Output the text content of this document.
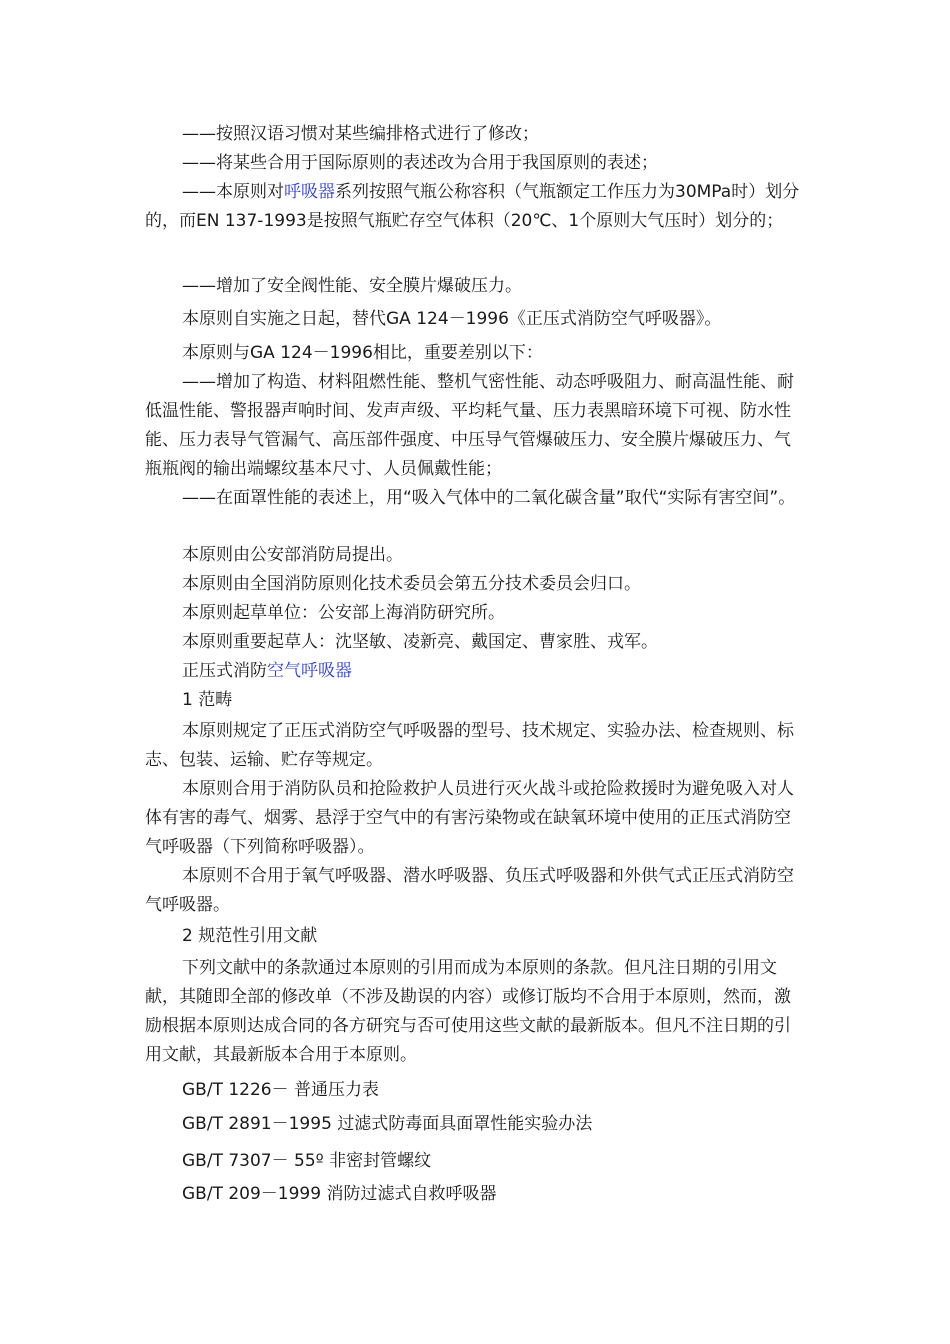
——按照汉语习惯对某些编排格式进行了修改；

——将某些合用于国际原则的表述改为合用于我国原则的表述；

——本原则对呼吸器系列按照气瓶公称容积（气瓶额定工作压力为30MPa时）划分的，而EN 137-1993是按照气瓶贮存空气体积（20℃、1个原则大气压时）划分的；

——增加了安全阀性能、安全膜片爆破压力。

本原则自实施之日起，替代GA 124－1996《正压式消防空气呼吸器》。

本原则与GA 124－1996相比，重要差别以下：

——增加了构造、材料阻燃性能、整机气密性能、动态呼吸阻力、耐高温性能、耐低温性能、警报器声响时间、发声声级、平均耗气量、压力表黑暗环境下可视、防水性能、压力表导气管漏气、高压部件强度、中压导气管爆破压力、安全膜片爆破压力、气瓶瓶阀的输出端螺纹基本尺寸、人员佩戴性能；

——在面罩性能的表述上，用“吸入气体中的二氧化碳含量”取代“实际有害空间”。

本原则由公安部消防局提出。

本原则由全国消防原则化技术委员会第五分技术委员会归口。

本原则起草单位：公安部上海消防研究所。

本原则重要起草人：沈坚敏、凌新亮、戴国定、曹家胜、戎军。

正压式消防空气呼吸器

1 范畴

本原则规定了正压式消防空气呼吸器的型号、技术规定、实验办法、检查规则、标志、包装、运输、贮存等规定。

本原则合用于消防队员和抢险救护人员进行灭火战斗或抢险救援时为避免吸入对人体有害的毒气、烟雾、悬浮于空气中的有害污染物或在缺氧环境中使用的正压式消防空气呼吸器（下列简称呼吸器）。

本原则不合用于氧气呼吸器、潜水呼吸器、负压式呼吸器和外供气式正压式消防空气呼吸器。

2 规范性引用文献

下列文献中的条款通过本原则的引用而成为本原则的条款。但凡注日期的引用文献，其随即全部的修改单（不涉及勘误的内容）或修订版均不合用于本原则，然而，激励根据本原则达成合同的各方研究与否可使用这些文献的最新版本。但凡不注日期的引用文献，其最新版本合用于本原则。

GB/T 1226－ 普通压力表

GB/T 2891－1995 过滤式防毒面具面罩性能实验办法

GB/T 7307－ 55º 非密封管螺纹

GB/T 209－1999 消防过滤式自救呼吸器
